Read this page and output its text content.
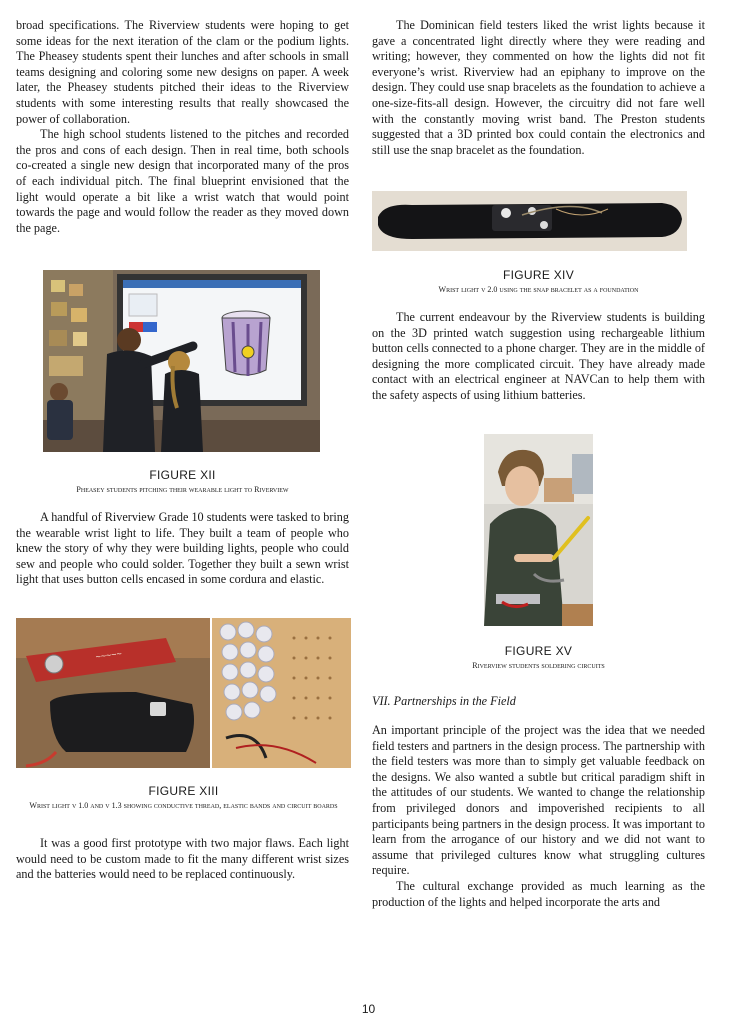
broad specifications. The Riverview students were hoping to get some ideas for the next iteration of the clam or the podium lights. The Pheasey students spent their lunches and after schools in small teams designing and coloring some new designs on paper. A week later, the Pheasey students pitched their ideas to the Riverview students with some interesting results that really showcased the power of collaboration.

The high school students listened to the pitches and recorded the pros and cons of each design. Then in real time, both schools co-created a single new design that incorporated many of the pros of each individual pitch. The final blueprint envisioned that the light would operate a bit like a wrist watch that would point towards the page and would follow the reader as they moved down the page.

FIGURE XII

Pheasey students pitching their wearable light to Riverview

A handful of Riverview Grade 10 students were tasked to bring the wearable wrist light to life. They built a team of people who knew the story of why they were building lights, people who could sew and people who could solder. Together they built a sewn wrist light that uses button cells encased in some cordura and elastic.

~~~~~

FIGURE XIII

Wrist light v 1.0 and v 1.3 showing conductive thread, elastic bands and circuit boards

It was a good first prototype with two major flaws. Each light would need to be custom made to fit the many different wrist sizes and the batteries would need to be replaced continuously.

The Dominican field testers liked the wrist lights because it gave a concentrated light directly where they were reading and writing; however, they commented on how the lights did not fit everyone’s wrist. Riverview had an epiphany to improve on the design. They could use snap bracelets as the foundation to achieve a one-size-fits-all design. However, the circuitry did not fare well with the constantly moving wrist band. The Preston students suggested that a 3D printed box could contain the electronics and still use the snap bracelet as the foundation.

FIGURE XIV

Wrist light v 2.0 using the snap bracelet as a foundation

The current endeavour by the Riverview students is building on the 3D printed watch suggestion using rechargeable lithium button cells connected to a phone charger. They are in the middle of designing the more complicated circuit. They have already made contact with an electrical engineer at NAVCan to help them with the safety aspects of using lithium batteries.

FIGURE XV

Riverview students soldering circuits

VII. Partnerships in the Field

An important principle of the project was the idea that we needed field testers and partners in the design process. The partnership with the field testers was more than to simply get valuable feedback on the designs. We also wanted a subtle but critical paradigm shift in the attitudes of our students. We wanted to change the relationship from privileged donors and impoverished recipients to all participants being partners in the design process. It was important to learn from the arrogance of our history and we did not want to assume that privileged cultures know what struggling cultures require.

The cultural exchange provided as much learning as the production of the lights and helped incorporate the arts and

10
